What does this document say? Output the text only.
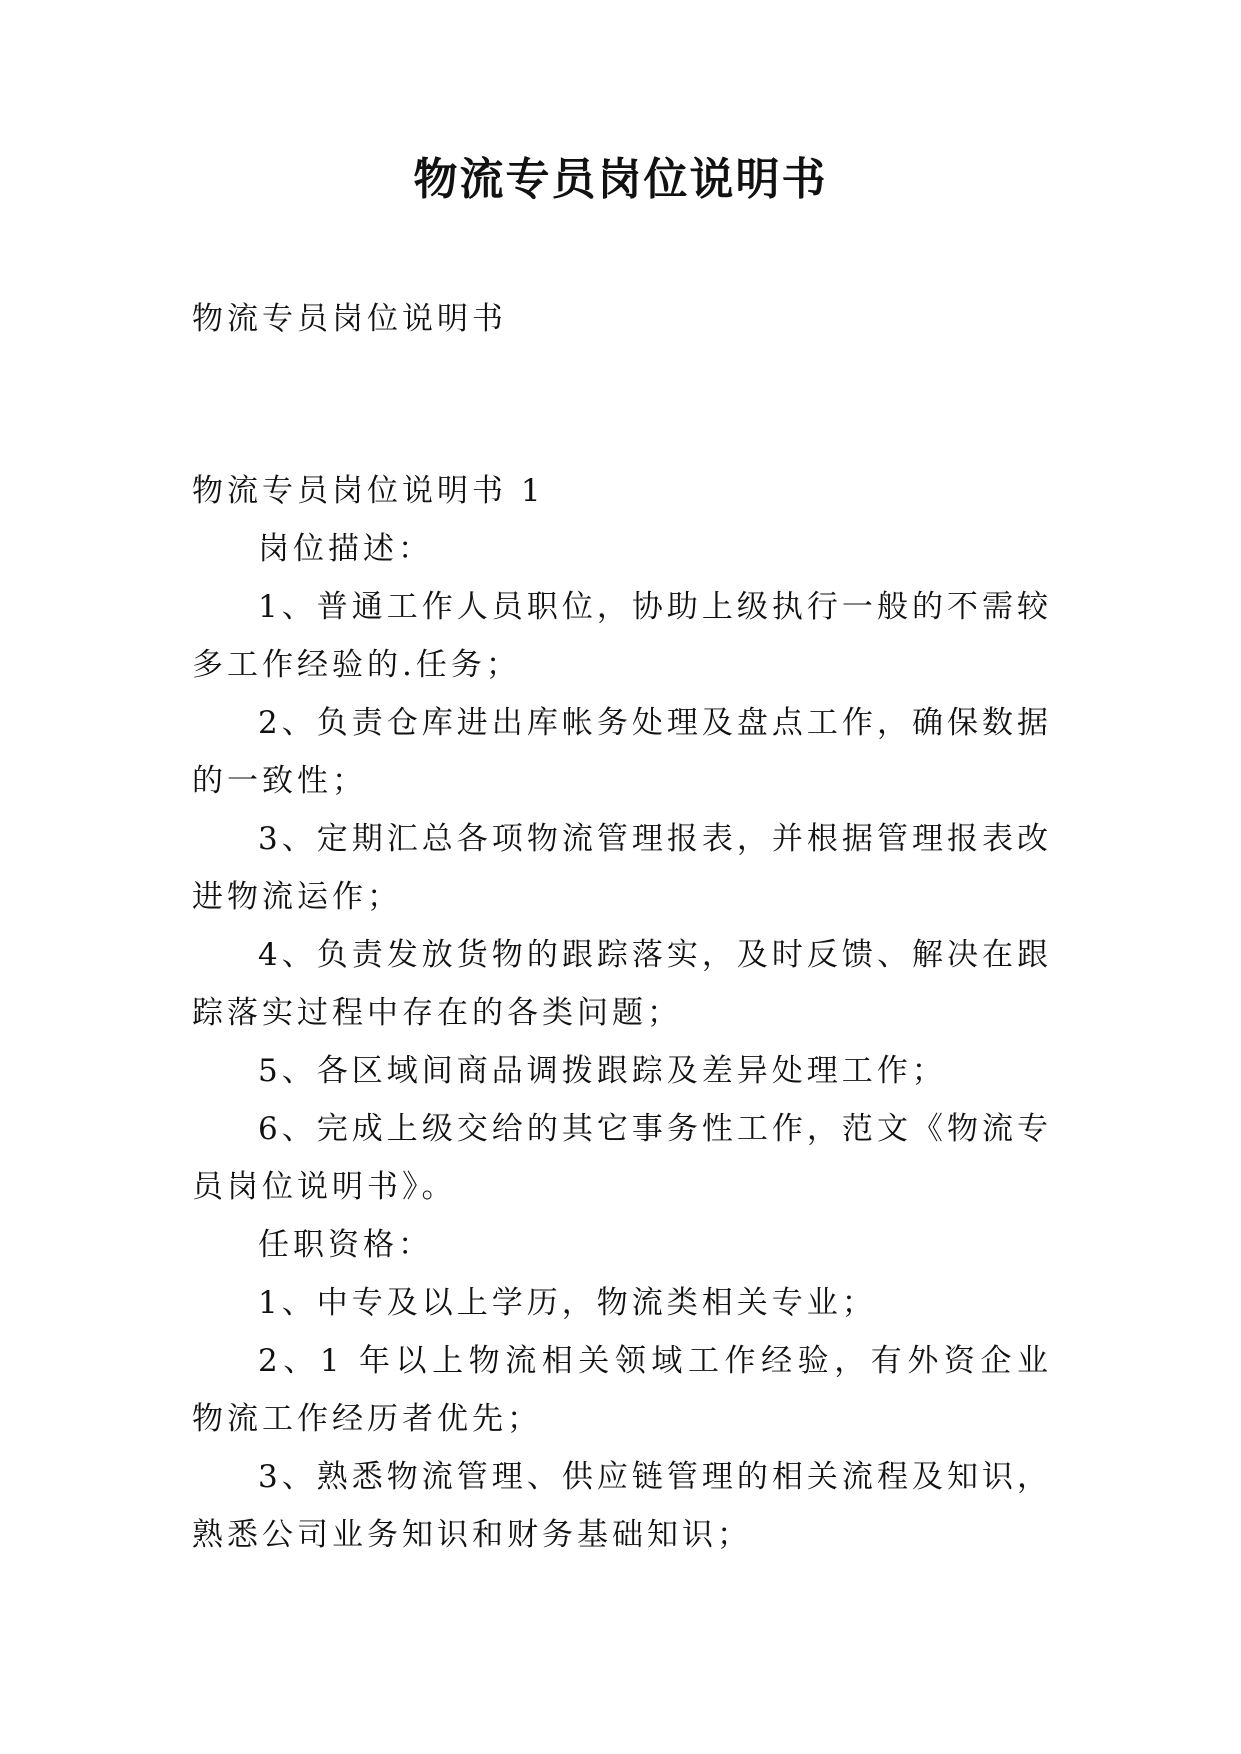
物流专员岗位说明书
物流专员岗位说明书

物流专员岗位说明书 1

岗位描述：

1、普通工作人员职位，协助上级执行一般的不需较多工作经验的.任务；

2、负责仓库进出库帐务处理及盘点工作，确保数据的一致性；

3、定期汇总各项物流管理报表，并根据管理报表改进物流运作；

4、负责发放货物的跟踪落实，及时反馈、解决在跟踪落实过程中存在的各类问题；

5、各区域间商品调拨跟踪及差异处理工作；

6、完成上级交给的其它事务性工作，范文《物流专员岗位说明书》。

任职资格：

1、中专及以上学历，物流类相关专业；

2、1 年以上物流相关领域工作经验，有外资企业物流工作经历者优先；

3、熟悉物流管理、供应链管理的相关流程及知识，熟悉公司业务知识和财务基础知识；
